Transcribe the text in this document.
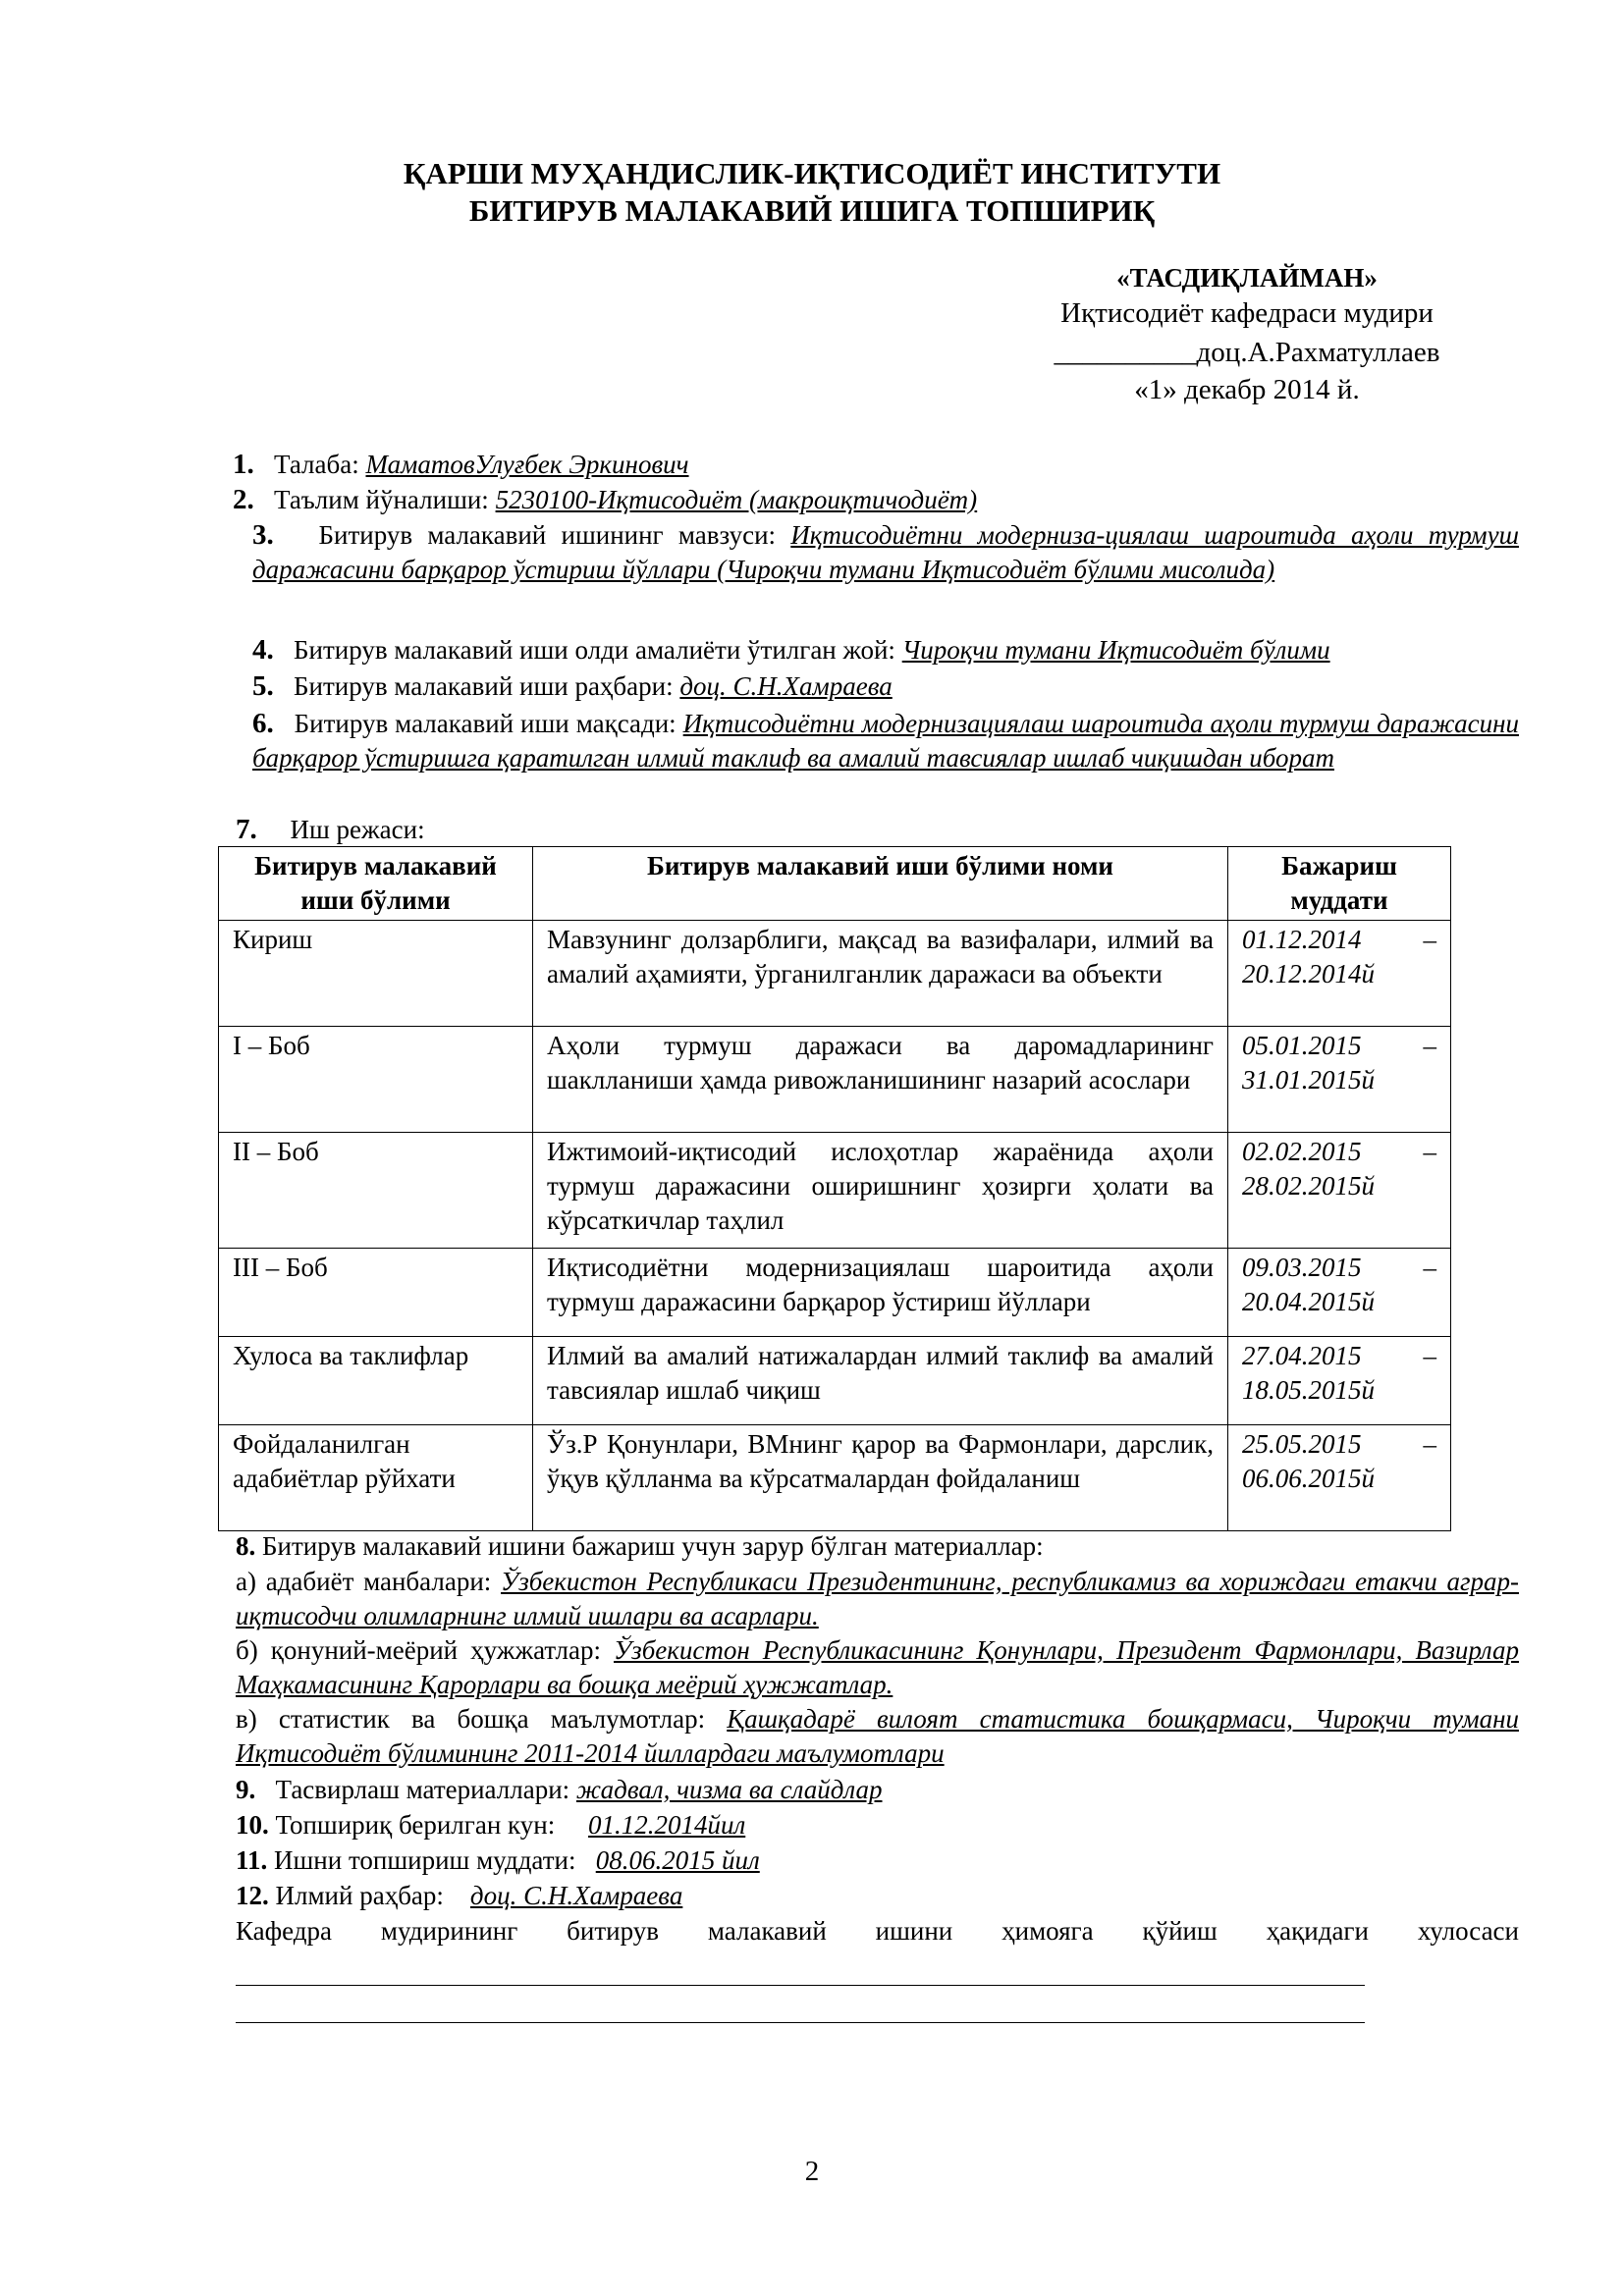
ҚАРШИ МУҲАНДИСЛИК-ИҚТИСОДИЁТ ИНСТИТУТИ
БИТИРУВ МАЛАКАВИЙ ИШИГА ТОПШИРИҚ
«ТАСДИҚЛАЙМАН»
Иқтисодиёт кафедраси мудири
__________доц.А.Рахматуллаев
«1» декабр 2014 й.
1. Талаба: МаматовУлуғбек Эркинович
2. Таълим йўналиши: 5230100-Иқтисодиёт (макроиқтичодиёт)
3. Битирув малакавий ишининг мавзуси: Иқтисодиётни модерниза-циялаш шароитида аҳоли турмуш даражасини барқарор ўстириш йўллари (Чироқчи тумани Иқтисодиёт бўлими мисолида)
4. Битирув малакавий иши олди амалиёти ўтилган жой: Чироқчи тумани Иқтисодиёт бўлими
5. Битирув малакавий иши раҳбари: доц. С.Н.Хамраева
6. Битирув малакавий иши мақсади: Иқтисодиётни модернизациялаш шароитида аҳоли турмуш даражасини барқарор ўстиришга қаратилган илмий таклиф ва амалий тавсиялар ишлаб чиқишдан иборат
7. Иш режаси:
Битирув малакавий иши бўлими	Битирув малакавий иши бўлими номи	Бажариш муддати
Кириш	Мавзунинг долзарблиги, мақсад ва вазифалари, илмий ва амалий аҳамияти, ўрганилганлик даражаси ва объекти	01.12.2014 –
20.12.2014й

I – Боб	Аҳоли турмуш даражаси ва даромадларининг шаклланиши ҳамда ривожланишининг назарий асослари	05.01.2015 –
31.01.2015й

II – Боб	Ижтимоий-иқтисодий ислоҳотлар жараёнида аҳоли турмуш даражасини оширишнинг ҳозирги ҳолати ва кўрсаткичлар таҳлил	02.02.2015 –
28.02.2015й

III – Боб	Иқтисодиётни модернизациялаш шароитида аҳоли турмуш даражасини барқарор ўстириш йўллари	09.03.2015 –
20.04.2015й

Хулоса ва таклифлар	Илмий ва амалий натижалардан илмий таклиф ва амалий тавсиялар ишлаб чиқиш	27.04.2015 –
18.05.2015й

Фойдаланилган адабиётлар рўйхати	Ўз.Р Қонунлари, ВМнинг қарор ва Фармонлари, дарслик, ўқув қўлланма ва кўрсатмалардан фойдаланиш	25.05.2015 –
06.06.2015й
8. Битирув малакавий ишини бажариш учун зарур бўлган материаллар:
а) адабиёт манбалари: Ўзбекистон Республикаси Президентининг, республикамиз ва хориждаги етакчи аграр-иқтисодчи олимларнинг илмий ишлари ва асарлари.
б) қонуний-меёрий ҳужжатлар: Ўзбекистон Республикасининг Қонунлари, Президент Фармонлари, Вазирлар Маҳкамасининг Қарорлари ва бошқа меёрий ҳужжатлар.
в) статистик ва бошқа маълумотлар: Қашқадарё вилоят статистика бошқармаси, Чироқчи тумани Иқтисодиёт бўлимининг 2011-2014 йиллардаги маълумотлари
9. Тасвирлаш материаллари: жадвал, чизма ва слайдлар
10. Топшириқ берилган кун:     01.12.2014йил
11. Ишни топшириш муддати:   08.06.2015 йил
12. Илмий раҳбар:    доц. С.Н.Хамраева
Кафедра мудирининг битирув малакавий ишини ҳимояга қўйиш ҳақидаги хулосаси
2
